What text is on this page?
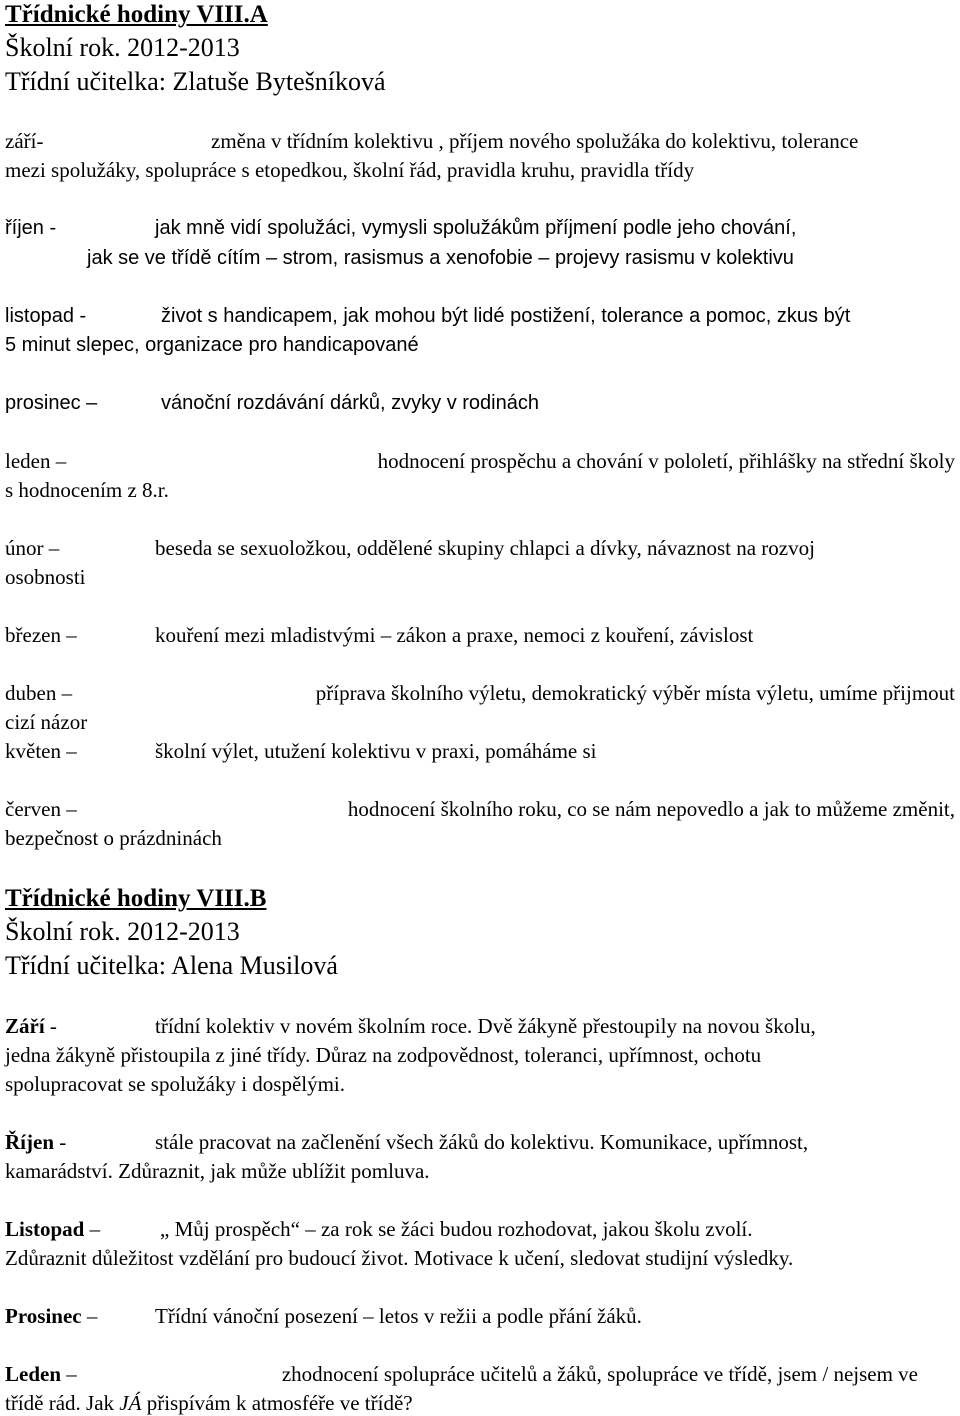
Třídnické hodiny VIII.A
Školní rok. 2012-2013
Třídní učitelka: Zlatuše Bytešníková
září-	změna v třídním kolektivu , příjem nového spolužáka do kolektivu, tolerance
mezi spolužáky, spolupráce s etopedkou, školní řád, pravidla kruhu, pravidla třídy
říjen -	jak mně vidí spolužáci, vymysli spolužákům příjmení podle jeho chování,
jak se ve třídě cítím – strom, rasismus a xenofobie – projevy rasismu v kolektivu
listopad -	život s handicapem, jak mohou být lidé postižení, tolerance a pomoc, zkus být
5 minut slepec, organizace pro handicapované
prosinec –	vánoční rozdávání dárků, zvyky v rodinách
leden –	hodnocení prospěchu a chování v pololetí, přihlášky na střední školy
s hodnocením z 8.r.
únor –	beseda se sexuoložkou, oddělené skupiny chlapci a dívky, návaznost na rozvoj
osobnosti
březen –	kouření mezi mladistvými – zákon a praxe, nemoci z kouření, závislost
duben –	příprava školního výletu, demokratický výběr místa výletu, umíme přijmout
cizí názor
květen –	školní výlet, utužení kolektivu v praxi, pomáháme si
červen –	hodnocení školního roku, co se nám nepovedlo a jak to můžeme změnit,
bezpečnost o prázdninách
Třídnické hodiny VIII.B
Školní rok. 2012-2013
Třídní učitelka: Alena Musilová
Září -	třídní kolektiv v novém školním roce. Dvě žákyně přestoupily na novou školu,
jedna žákyně přistoupila z jiné třídy. Důraz na zodpovědnost, toleranci, upřímnost, ochotu
spolupracovat se spolužáky i dospělými.
Říjen -	stále pracovat na začlenění všech žáků do kolektivu. Komunikace, upřímnost,
kamarádství. Zdůraznit, jak může ublížit pomluva.
Listopad –	„ Můj prospěch“ – za rok se žáci budou rozhodovat, jakou školu zvolí.
Zdůraznit důležitost vzdělání pro budoucí život. Motivace k učení, sledovat studijní výsledky.
Prosinec –	Třídní vánoční posezení – letos v režii a podle přání žáků.
Leden –	zhodnocení spolupráce učitelů a žáků, spolupráce ve třídě, jsem / nejsem ve
třídě rád. Jak JÁ přispívám k atmosféře ve třídě?
